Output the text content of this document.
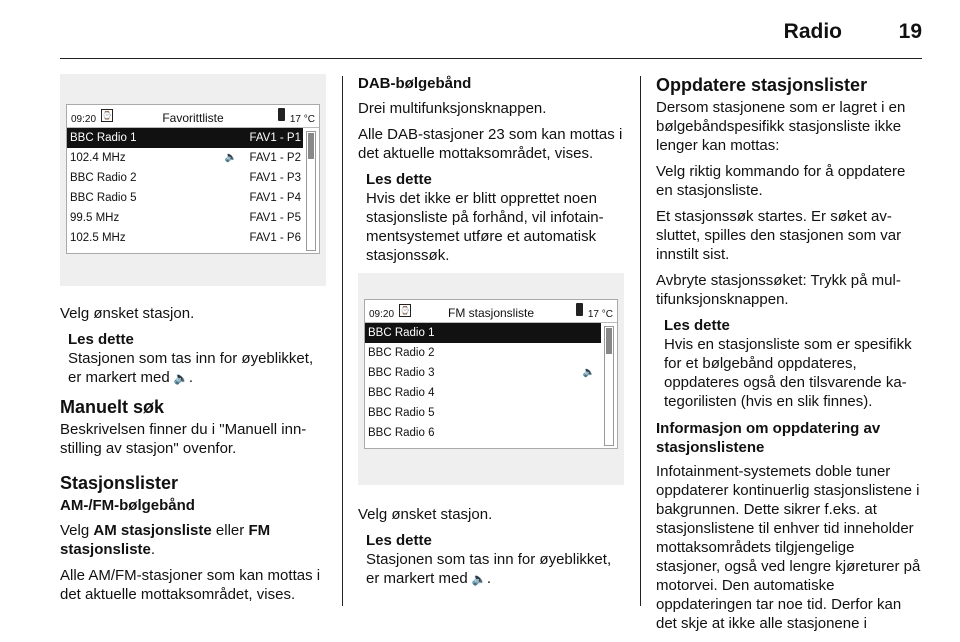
Radio	19
09:20 ⌚	Favorittliste	17 °C
BBC Radio 1	FAV1 - P1
102.4 MHz	🔈 FAV1 - P2
BBC Radio 2	FAV1 - P3
BBC Radio 5	FAV1 - P4
99.5 MHz	FAV1 - P5
102.5 MHz	FAV1 - P6

Velg ønsket stasjon.

Les dette

Stasjonen som tas inn for øyeblikket, er markert med 🔈.

Manuelt søk

Beskrivelsen finner du i "Manuell innstilling av stasjon" ovenfor.

Stasjonslister

AM-/FM-bølgebånd

Velg AM stasjonsliste eller FM stasjonsliste.

Alle AM/FM-stasjoner som kan mottas i det aktuelle mottaksområdet, vises.

DAB-bølgebånd

Drei multifunksjonsknappen.

Alle DAB-stasjoner 23 som kan mottas i det aktuelle mottaksområdet, vises.

Les dette

Hvis det ikke er blitt opprettet noen stasjonsliste på forhånd, vil infotainmentsystemet utføre et automatisk stasjonssøk.

09:20 ⌚	FM stasjonsliste	17 °C
BBC Radio 1
BBC Radio 2
BBC Radio 3	🔈
BBC Radio 4
BBC Radio 5
BBC Radio 6

Velg ønsket stasjon.

Les dette

Stasjonen som tas inn for øyeblikket, er markert med 🔈.

Oppdatere stasjonslister

Dersom stasjonene som er lagret i en bølgebåndspesifikk stasjonsliste ikke lenger kan mottas:

Velg riktig kommando for å oppdatere en stasjonsliste.

Et stasjonssøk startes. Er søket avsluttet, spilles den stasjonen som var innstilt sist.

Avbryte stasjonssøket: Trykk på multifunksjonsknappen.

Les dette

Hvis en stasjonsliste som er spesifikk for et bølgebånd oppdateres, oppdateres også den tilsvarende kategorilisten (hvis en slik finnes).

Informasjon om oppdatering av stasjonslistene

Infotainment-systemets doble tuner oppdaterer kontinuerlig stasjonslistene i bakgrunnen. Dette sikrer f.eks. at stasjonslistene til enhver tid inneholder mottaksområdets tilgjengelige stasjoner, også ved lengre kjøreturer på motorvei. Den automatiske oppdateringen tar noe tid. Derfor kan det skje at ikke alle stasjonene i
